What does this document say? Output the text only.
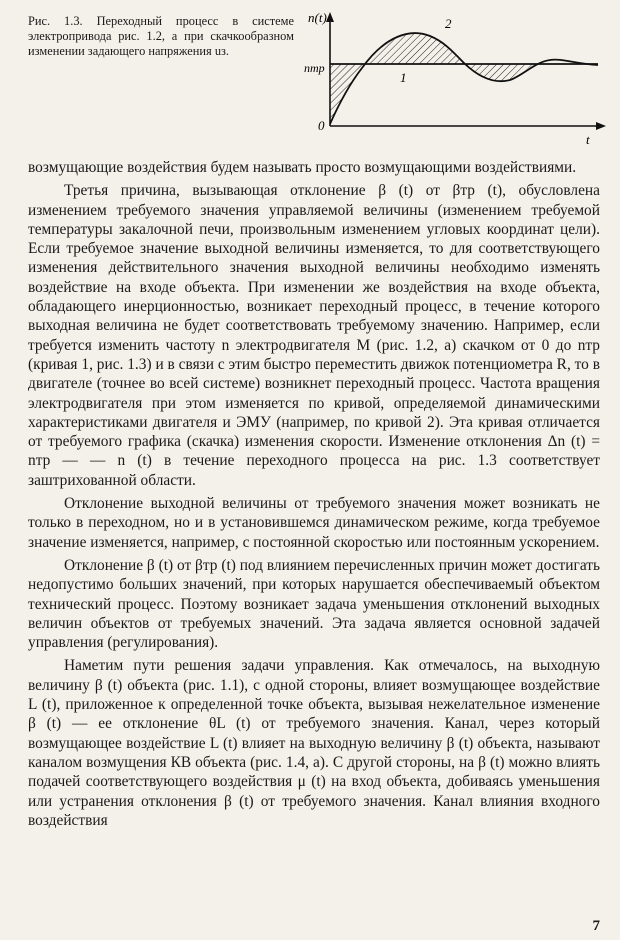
Рис. 1.3. Переходный процесс в системе электропривода рис. 1.2, а при скачкообразном изменении задающего напряжения uз.
n(t)
t
nтр
0
1
2

возмущающие воздействия будем называть просто возмущающими воздействиями.

Третья причина, вызывающая отклонение β (t) от βтр (t), обусловлена изменением требуемого значения управляемой величины (изменением требуемой температуры закалочной печи, произвольным изменением угловых координат цели). Если требуемое значение выходной величины изменяется, то для соответствующего изменения действительного значения выходной величины необходимо изменять воздействие на входе объекта. При изменении же воздействия на входе объекта, обладающего инерционностью, возникает переходный процесс, в течение которого выходная величина не будет соответствовать требуемому значению. Например, если требуется изменить частоту n электродвигателя М (рис. 1.2, а) скачком от 0 до nтр (кривая 1, рис. 1.3) и в связи с этим быстро переместить движок потенциометра R, то в двигателе (точнее во всей системе) возникнет переходный процесс. Частота вращения электродвигателя при этом изменяется по кривой, определяемой динамическими характеристиками двигателя и ЭМУ (например, по кривой 2). Эта кривая отличается от требуемого графика (скачка) изменения скорости. Изменение отклонения Δn (t) = nтр — — n (t) в течение переходного процесса на рис. 1.3 соответствует заштрихованной области.

Отклонение выходной величины от требуемого значения может возникать не только в переходном, но и в установившемся динамическом режиме, когда требуемое значение изменяется, например, с постоянной скоростью или постоянным ускорением.

Отклонение β (t) от βтр (t) под влиянием перечисленных причин может достигать недопустимо больших значений, при которых нарушается обеспечиваемый объектом технический процесс. Поэтому возникает задача уменьшения отклонений выходных величин объектов от требуемых значений. Эта задача является основной задачей управления (регулирования).

Наметим пути решения задачи управления. Как отмечалось, на выходную величину β (t) объекта (рис. 1.1), с одной стороны, влияет возмущающее воздействие L (t), приложенное к определенной точке объекта, вызывая нежелательное изменение β (t) — ее отклонение θL (t) от требуемого значения. Канал, через который возмущающее воздействие L (t) влияет на выходную величину β (t) объекта, называют каналом возмущения КВ объекта (рис. 1.4, а). С другой стороны, на β (t) можно влиять подачей соответствующего воздействия μ (t) на вход объекта, добиваясь уменьшения или устранения отклонения β (t) от требуемого значения. Канал влияния входного воздействия

7
